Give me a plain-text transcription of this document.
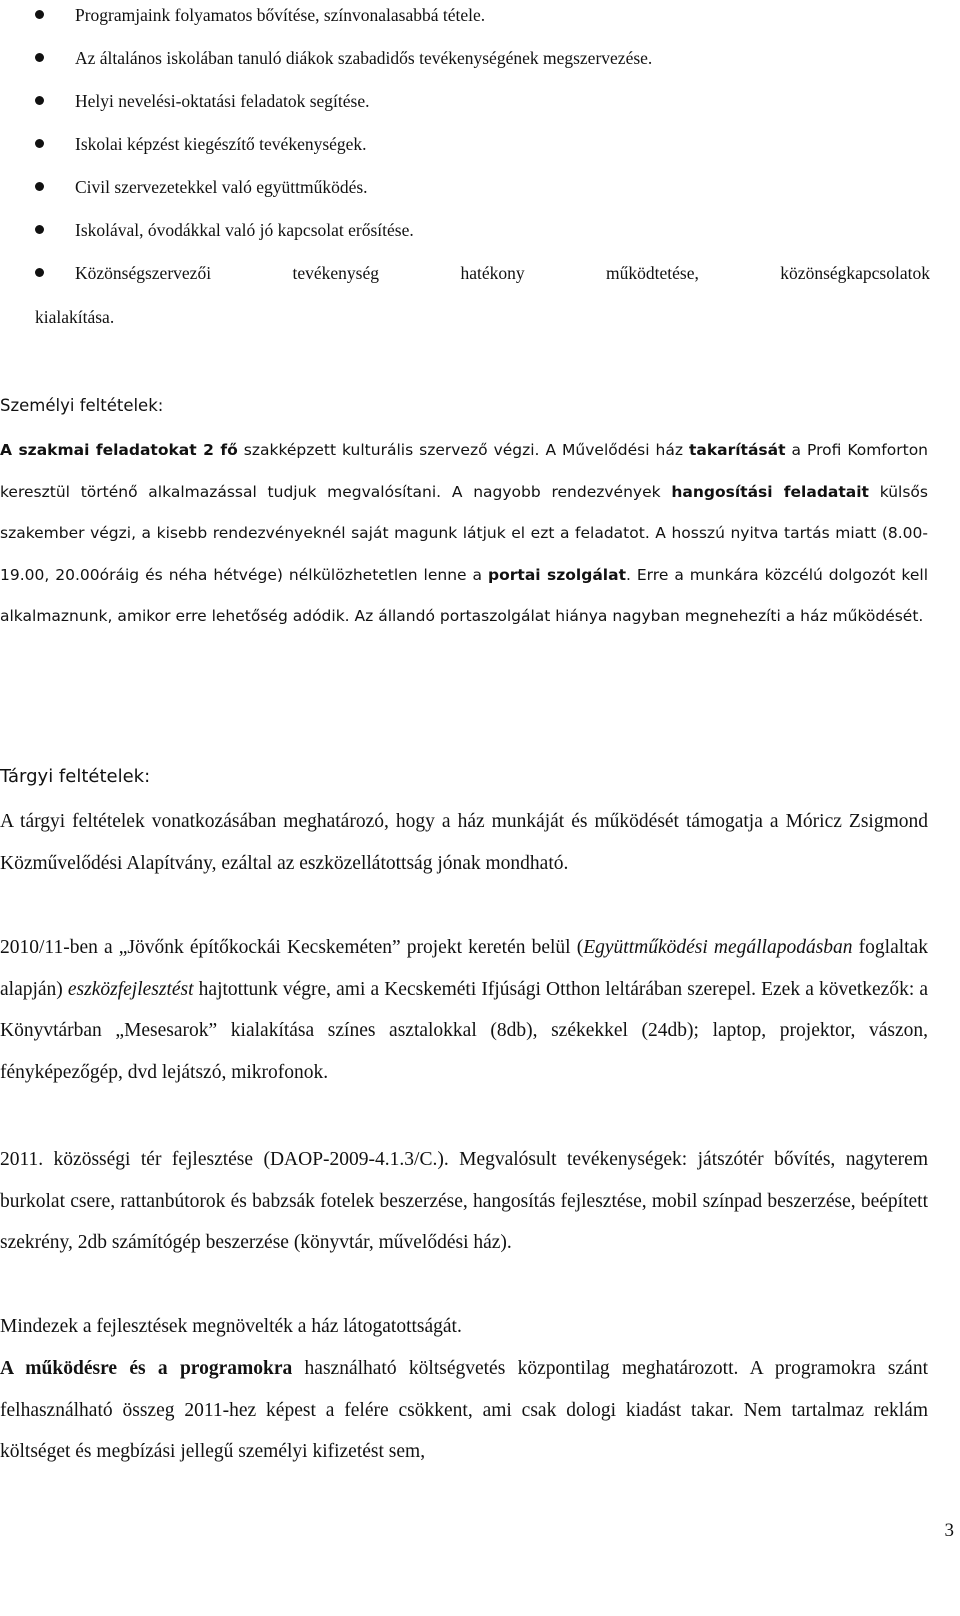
Programjaink folyamatos bővítése, színvonalasabbá tétele.
Az általános iskolában tanuló diákok szabadidős tevékenységének megszervezése.
Helyi nevelési-oktatási feladatok segítése.
Iskolai képzést kiegészítő tevékenységek.
Civil szervezetekkel való együttműködés.
Iskolával, óvodákkal való jó kapcsolat erősítése.
Közönségszervezői	tevékenység	hatékony	működtetése,	közönségkapcsolatok
kialakítása.
Személyi feltételek:

A szakmai feladatokat 2 fő szakképzett kulturális szervező végzi. A Művelődési ház takarítását a Profi Komforton keresztül történő alkalmazással tudjuk megvalósítani. A nagyobb rendezvények hangosítási feladatait külsős szakember végzi, a kisebb rendezvényeknél saját magunk látjuk el ezt a feladatot. A hosszú nyitva tartás miatt (8.00-19.00, 20.00óráig és néha hétvége) nélkülözhetetlen lenne a portai szolgálat. Erre a munkára közcélú dolgozót kell alkalmaznunk, amikor erre lehetőség adódik. Az állandó portaszolgálat hiánya nagyban megnehezíti a ház működését.

Tárgyi feltételek:

A tárgyi feltételek vonatkozásában meghatározó, hogy a ház munkáját és működését támogatja a Móricz Zsigmond Közművelődési Alapítvány, ezáltal az eszközellátottság jónak mondható.

2010/11-ben a „Jövőnk építőkockái Kecskeméten” projekt keretén belül (Együttműködési megállapodásban foglaltak alapján) eszközfejlesztést hajtottunk végre, ami a Kecskeméti Ifjúsági Otthon leltárában szerepel. Ezek a következők: a Könyvtárban „Mesesarok” kialakítása színes asztalokkal (8db), székekkel (24db); laptop, projektor, vászon, fényképezőgép, dvd lejátszó, mikrofonok.

2011. közösségi tér fejlesztése (DAOP-2009-4.1.3/C.). Megvalósult tevékenységek: játszótér bővítés, nagyterem burkolat csere, rattanbútorok és babzsák fotelek beszerzése, hangosítás fejlesztése, mobil színpad beszerzése, beépített szekrény, 2db számítógép beszerzése (könyvtár, művelődési ház).

Mindezek a fejlesztések megnövelték a ház látogatottságát.

A működésre és a programokra használható költségvetés központilag meghatározott. A programokra szánt felhasználható összeg 2011-hez képest a felére csökkent, ami csak dologi kiadást takar. Nem tartalmaz reklám költséget és megbízási jellegű személyi kifizetést sem,

3
